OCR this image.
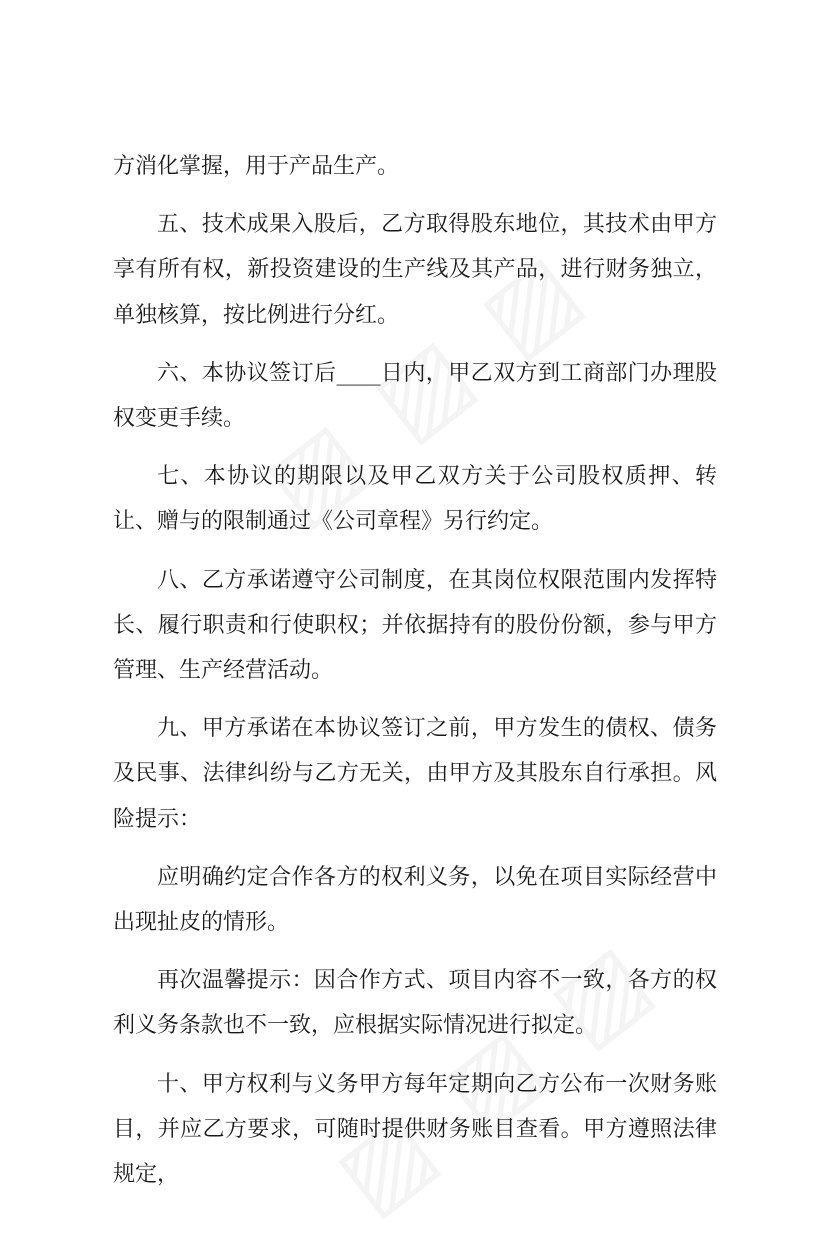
方消化掌握，用于产品生产。

五、技术成果入股后，乙方取得股东地位，其技术由甲方享有所有权，新投资建设的生产线及其产品，进行财务独立，单独核算，按比例进行分红。

六、本协议签订后____日内，甲乙双方到工商部门办理股权变更手续。

七、本协议的期限以及甲乙双方关于公司股权质押、转让、赠与的限制通过《公司章程》另行约定。

八、乙方承诺遵守公司制度，在其岗位权限范围内发挥特长、履行职责和行使职权；并依据持有的股份份额，参与甲方管理、生产经营活动。

九、甲方承诺在本协议签订之前，甲方发生的债权、债务及民事、法律纠纷与乙方无关，由甲方及其股东自行承担。风险提示：

应明确约定合作各方的权利义务，以免在项目实际经营中出现扯皮的情形。

再次温馨提示：因合作方式、项目内容不一致，各方的权利义务条款也不一致，应根据实际情况进行拟定。

十、甲方权利与义务甲方每年定期向乙方公布一次财务账目，并应乙方要求，可随时提供财务账目查看。甲方遵照法律规定，
